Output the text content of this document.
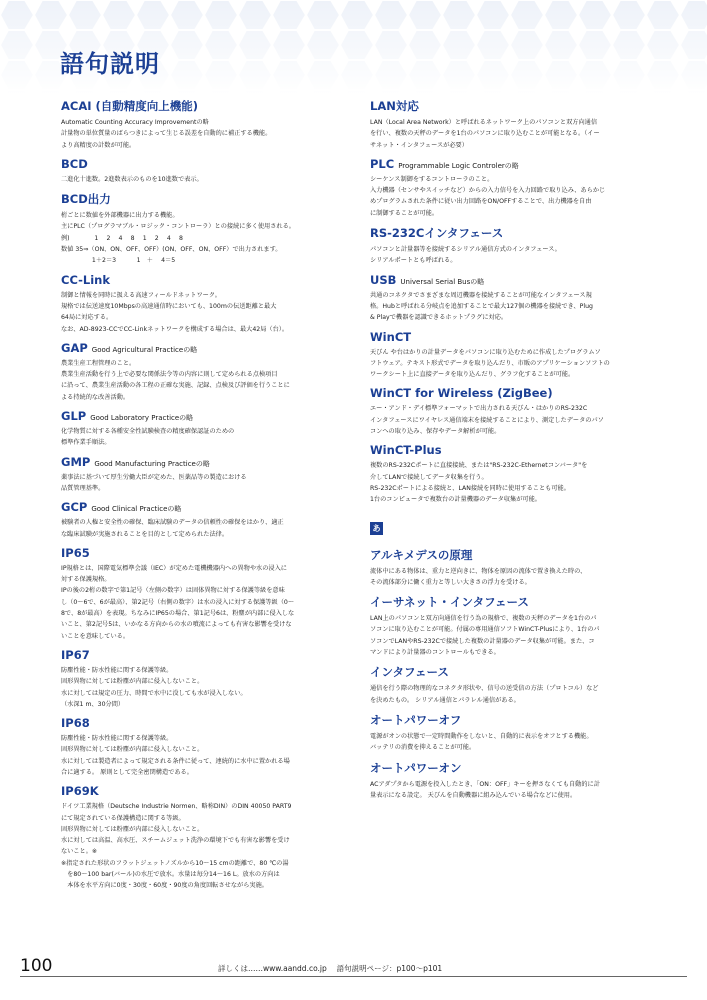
語句説明
ACAI (自動精度向上機能)

Automatic Counting Accuracy Improvementの略
計量物の単位質量のばらつきによって生じる誤差を自動的に補正する機能。
より高精度の計数が可能。

BCD

二進化十進数。2進数表示のものを10進数で表示。

BCD出力

桁ごとに数値を外部機器に出力する機能。
主にPLC（プログラマブル・ロジック・コントローラ）との接続に多く使用される。
例)　　　　1　 2　 4　 8　 1　 2　 4　 8
数値 35⇒（ON、ON、OFF、OFF）(ON、OFF、ON、OFF）で出力されます。
　　　　　1＋2＝3　　　 1　＋　 4＝5

CC-Link

制御と情報を同時に扱える高速フィールドネットワーク。
規格では伝送速度10Mbpsの高速通信時においても、100mの伝送距離と最大
64局に対応する。
なお、AD-8923-CCでCC-Linkネットワークを構成する場合は、最大42局（台）。

GAP Good Agricultural Practiceの略

農業生産工程管理のこと。
農業生産活動を行う上で必要な関係法令等の内容に則して定められる点検項目
に沿って、農業生産活動の各工程の正確な実施、記録、点検及び評価を行うことに
よる持続的な改善活動。

GLP Good Laboratory Practiceの略

化学物質に対する各種安全性試験検査の精度確保認証のための
標準作業手順法。

GMP Good Manufacturing Practiceの略

薬事法に基づいて厚生労働大臣が定めた、医薬品等の製造における
品質管理基準。

GCP Good Clinical Practiceの略

被験者の人権と安全性の確保、臨床試験のデータの信頼性の確保をはかり、適正
な臨床試験が実施されることを目的として定められた法律。

IP65

IP規格とは、国際電気標準会議（IEC）が定めた電機機器内への異物や水の浸入に
対する保護規格。
IPの後の2桁の数字で第1記号（左側の数字）は固体異物に対する保護等級を意味
し（0～6で、6が最高）、第2記号（右側の数字）は水の浸入に対する保護等級（0～
8で、8が最高）を表現。ちなみにIP65の場合、第1記号6は、粉塵が内部に侵入しな
いこと、第2記号5は、いかなる方向からの水の噴流によっても有害な影響を受けな
いことを意味している。

IP67

防塵性能・防水性能に関する保護等級。
固形異物に対しては粉塵が内部に侵入しないこと。
水に対しては規定の圧力、時間で水中に没しても水が浸入しない。
（水深1 m、30分間）

IP68

防塵性能・防水性能に関する保護等級。
固形異物に対しては粉塵が内部に侵入しないこと。
水に対しては製造者によって規定される条件に従って、連続的に水中に置かれる場
合に適する。 原則として完全密閉構造である。

IP69K

ドイツ工業規格（Deutsche Industrie Normen、略称DIN）のDIN 40050 PART9
にて規定されている保護構造に関する等級。
固形異物に対しては粉塵が内部に侵入しないこと。
水に対しては高温、高水圧、スチームジェット洗浄の環境下でも有害な影響を受け
ないこと。※
※指定された形状のフラットジェットノズルから10～15 cmの距離で、80 ℃の湯
　を80～100 bar(バール)の水圧で放水。水量は毎分14～16 L。放水の方向は
　本体を水平方向に0度・30度・60度・90度の角度回転させながら実施。

LAN対応

LAN（Local Area Network）と呼ばれるネットワーク上のパソコンと双方向通信
を行い、複数の天秤のデータを1台のパソコンに取り込むことが可能となる。（イー
サネット・インタフェースが必要）

PLC Programmable Logic Controlerの略

シーケンス制御をするコントローラのこと。
入力機器（センサやスイッチなど）からの入力信号を入力回路で取り込み、あらかじ
めプログラムされた条件に従い出力回路をON/OFFすることで、出力機器を自由
に制御することが可能。

RS-232Cインタフェース

パソコンと計量器等を接続するシリアル通信方式のインタフェース。
シリアルポートとも呼ばれる。

USB Universal Serial Busの略

共通のコネクタでさまざまな周辺機器を接続することが可能なインタフェース規
格。Hubと呼ばれる分岐点を追加することで最大127個の機器を接続でき、Plug
& Playで機器を認識できるホットプラグに対応。

WinCT

天びん や台はかりの計量データをパソコンに取り込むために作成したプログラムソ
フトウェア。テキスト形式でデータを取り込んだり、市販のアプリケーションソフトの
ワークシート上に直接データを取り込んだり、グラフ化することが可能。

WinCT for Wireless (ZigBee)

エー・アンド・デイ標準フォーマットで出力される天びん・はかりのRS-232C
インタフェースにワイヤレス通信端末を接続することにより、測定したデータのパソ
コンへの取り込み、保存やデータ解析が可能。

WinCT-Plus

複数のRS-232Cポートに直接接続、または"RS-232C-Ethernetコンバータ"を
介してLANで接続してデータ収集を行う。
RS-232Cポートによる接続と、LAN接続を同時に使用することも可能。
1台のコンピュータで複数台の計量機器のデータ収集が可能。

あ
アルキメデスの原理

流体中にある物体は、重力と逆向きに、物体を原因の流体で置き換えた時の、
その流体部分に働く重力と等しい大きさの浮力を受ける。

イーサネット・インタフェース

LAN上のパソコンと双方向通信を行う為の規格で、複数の天秤のデータを1台のパ
ソコンに取り込むことが可能。付属の専用通信ソフトWinCT-Plusにより、1台のパ
ソコンでLANやRS-232Cで接続した複数の計量器のデータ収集が可能。また、コ
マンドにより計量器のコントロールもできる。

インタフェース

通信を行う際の物理的なコネクタ形状や、信号の送受信の方法（プロトコル）など
を決めたもの。 シリアル通信とパラレル通信がある。

オートパワーオフ

電源がオンの状態で一定時間動作をしないと、自動的に表示をオフとする機能。
バッテリの消費を抑えることが可能。

オートパワーオン

ACアダプタから電源を投入したとき、「ON：OFF」キーを押さなくても自動的に計
量表示になる設定。 天びんを自動機器に組み込んでいる場合などに使用。

100	詳しくは……www.aandd.co.jp　 語句説明ページ：p100～p101
